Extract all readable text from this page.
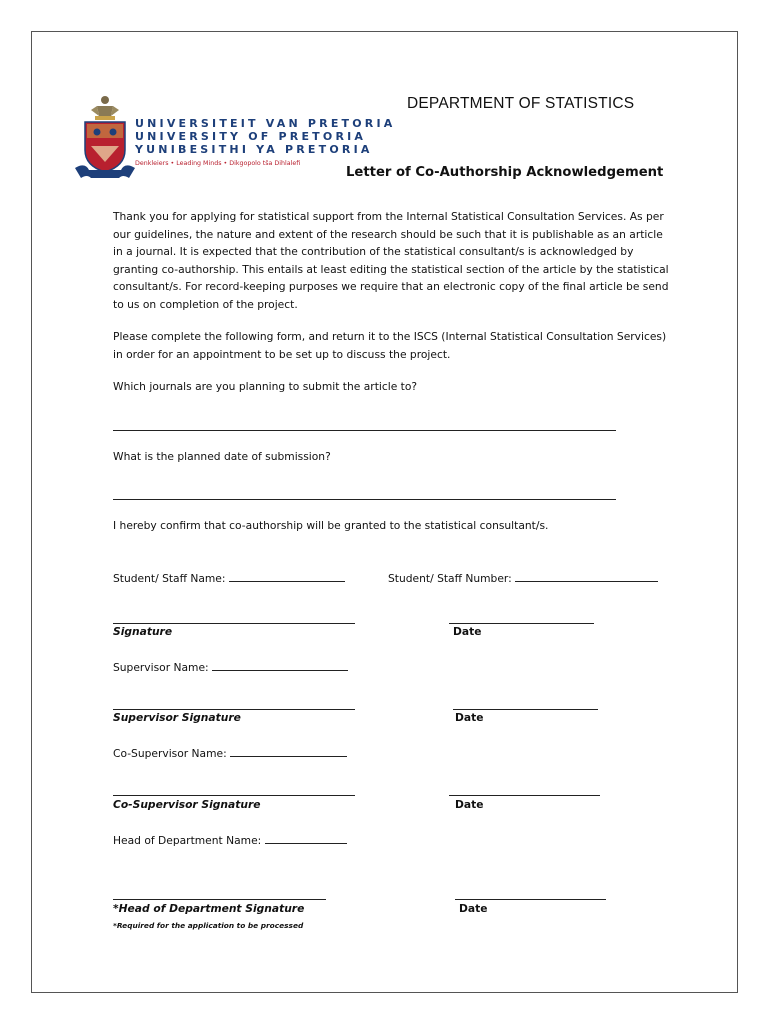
UNIVERSITEIT VAN PRETORIA
UNIVERSITY OF PRETORIA
YUNIBESITHI YA PRETORIA
Denkleiers • Leading Minds • Dikgopolo tša Dihlalefi
DEPARTMENT OF STATISTICS
Letter of Co-Authorship Acknowledgement
Thank you for applying for statistical support from the Internal Statistical Consultation Services. As per our guidelines, the nature and extent of the research should be such that it is publishable as an article in a journal. It is expected that the contribution of the statistical consultant/s is acknowledged by granting co-authorship. This entails at least editing the statistical section of the article by the statistical consultant/s. For record-keeping purposes we require that an electronic copy of the final article be send to us on completion of the project.
Please complete the following form, and return it to the ISCS (Internal Statistical Consultation Services) in order for an appointment to be set up to discuss the project.
Which journals are you planning to submit the article to?
What is the planned date of submission?
I hereby confirm that co-authorship will be granted to the statistical consultant/s.
Student/ Staff Name:	Student/ Staff Number:
Signature	Date
Supervisor Name:
Supervisor Signature	Date
Co-Supervisor Name:
Co-Supervisor Signature	Date
Head of Department Name:
*Head of Department Signature	Date
*Required for the application to be processed
